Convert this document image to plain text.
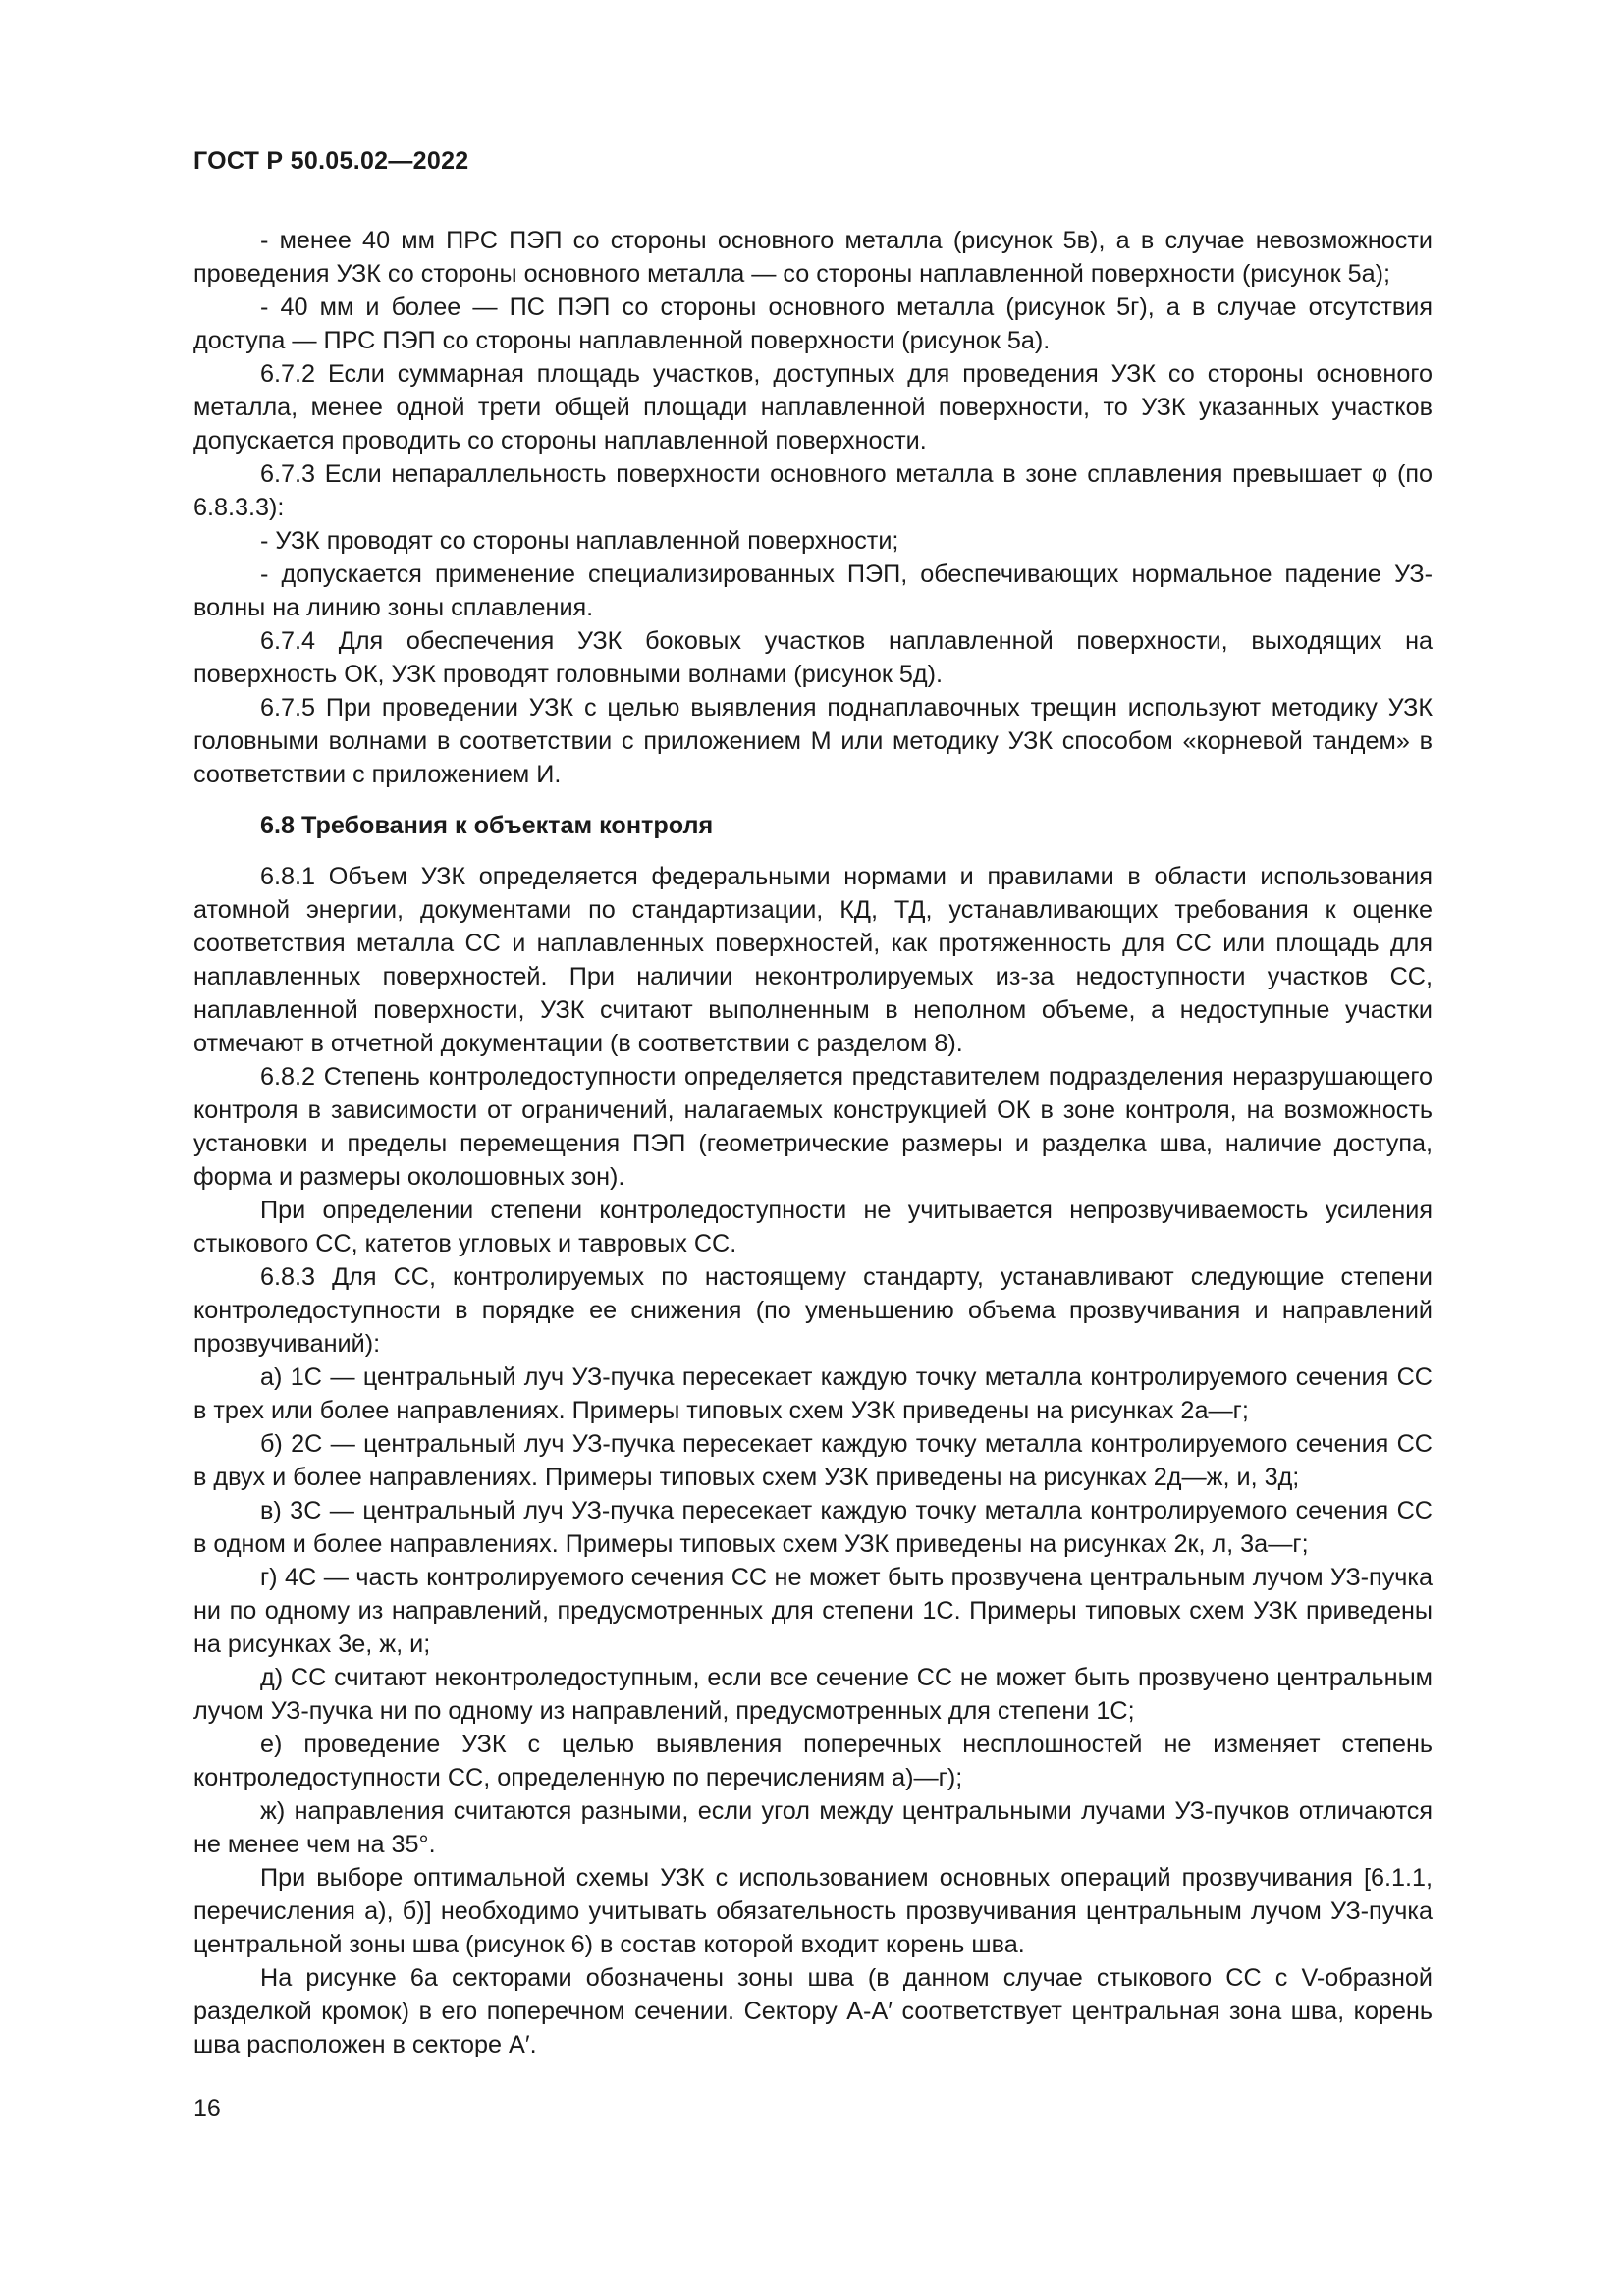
ГОСТ Р 50.05.02—2022

- менее 40 мм ПРС ПЭП со стороны основного металла (рисунок 5в), а в случае невозможности проведения УЗК со стороны основного металла — со стороны наплавленной поверхности (рисунок 5а);

- 40 мм и более — ПС ПЭП со стороны основного металла (рисунок 5г), а в случае отсутствия доступа — ПРС ПЭП со стороны наплавленной поверхности (рисунок 5а).

6.7.2 Если суммарная площадь участков, доступных для проведения УЗК со стороны основного металла, менее одной трети общей площади наплавленной поверхности, то УЗК указанных участков допускается проводить со стороны наплавленной поверхности.

6.7.3 Если непараллельность поверхности основного металла в зоне сплавления превышает φ (по 6.8.3.3):

- УЗК проводят со стороны наплавленной поверхности;

- допускается применение специализированных ПЭП, обеспечивающих нормальное падение УЗ-волны на линию зоны сплавления.

6.7.4 Для обеспечения УЗК боковых участков наплавленной поверхности, выходящих на поверхность ОК, УЗК проводят головными волнами (рисунок 5д).

6.7.5 При проведении УЗК с целью выявления поднаплавочных трещин используют методику УЗК головными волнами в соответствии с приложением М или методику УЗК способом «корневой тандем» в соответствии с приложением И.

6.8 Требования к объектам контроля

6.8.1 Объем УЗК определяется федеральными нормами и правилами в области использования атомной энергии, документами по стандартизации, КД, ТД, устанавливающих требования к оценке соответствия металла СС и наплавленных поверхностей, как протяженность для СС или площадь для наплавленных поверхностей. При наличии неконтролируемых из-за недоступности участков СС, наплавленной поверхности, УЗК считают выполненным в неполном объеме, а недоступные участки отмечают в отчетной документации (в соответствии с разделом 8).

6.8.2 Степень контроледоступности определяется представителем подразделения неразрушающего контроля в зависимости от ограничений, налагаемых конструкцией ОК в зоне контроля, на возможность установки и пределы перемещения ПЭП (геометрические размеры и разделка шва, наличие доступа, форма и размеры околошовных зон).

При определении степени контроледоступности не учитывается непрозвучиваемость усиления стыкового СС, катетов угловых и тавровых СС.

6.8.3 Для СС, контролируемых по настоящему стандарту, устанавливают следующие степени контроледоступности в порядке ее снижения (по уменьшению объема прозвучивания и направлений прозвучиваний):

а) 1С — центральный луч УЗ-пучка пересекает каждую точку металла контролируемого сечения СС в трех или более направлениях. Примеры типовых схем УЗК приведены на рисунках 2а—г;

б) 2С — центральный луч УЗ-пучка пересекает каждую точку металла контролируемого сечения СС в двух и более направлениях. Примеры типовых схем УЗК приведены на рисунках 2д—ж, и, 3д;

в) 3С — центральный луч УЗ-пучка пересекает каждую точку металла контролируемого сечения СС в одном и более направлениях. Примеры типовых схем УЗК приведены на рисунках 2к, л, 3а—г;

г) 4С — часть контролируемого сечения СС не может быть прозвучена центральным лучом УЗ-пучка ни по одному из направлений, предусмотренных для степени 1С. Примеры типовых схем УЗК приведены на рисунках 3е, ж, и;

д) СС считают неконтроледоступным, если все сечение СС не может быть прозвучено центральным лучом УЗ-пучка ни по одному из направлений, предусмотренных для степени 1С;

е) проведение УЗК с целью выявления поперечных несплошностей не изменяет степень контроледоступности СС, определенную по перечислениям а)—г);

ж) направления считаются разными, если угол между центральными лучами УЗ-пучков отличаются не менее чем на 35°.

При выборе оптимальной схемы УЗК с использованием основных операций прозвучивания [6.1.1, перечисления а), б)] необходимо учитывать обязательность прозвучивания центральным лучом УЗ-пучка центральной зоны шва (рисунок 6) в состав которой входит корень шва.

На рисунке 6а секторами обозначены зоны шва (в данном случае стыкового СС с V-образной разделкой кромок) в его поперечном сечении. Сектору А-А′ соответствует центральная зона шва, корень шва расположен в секторе А′.

16
